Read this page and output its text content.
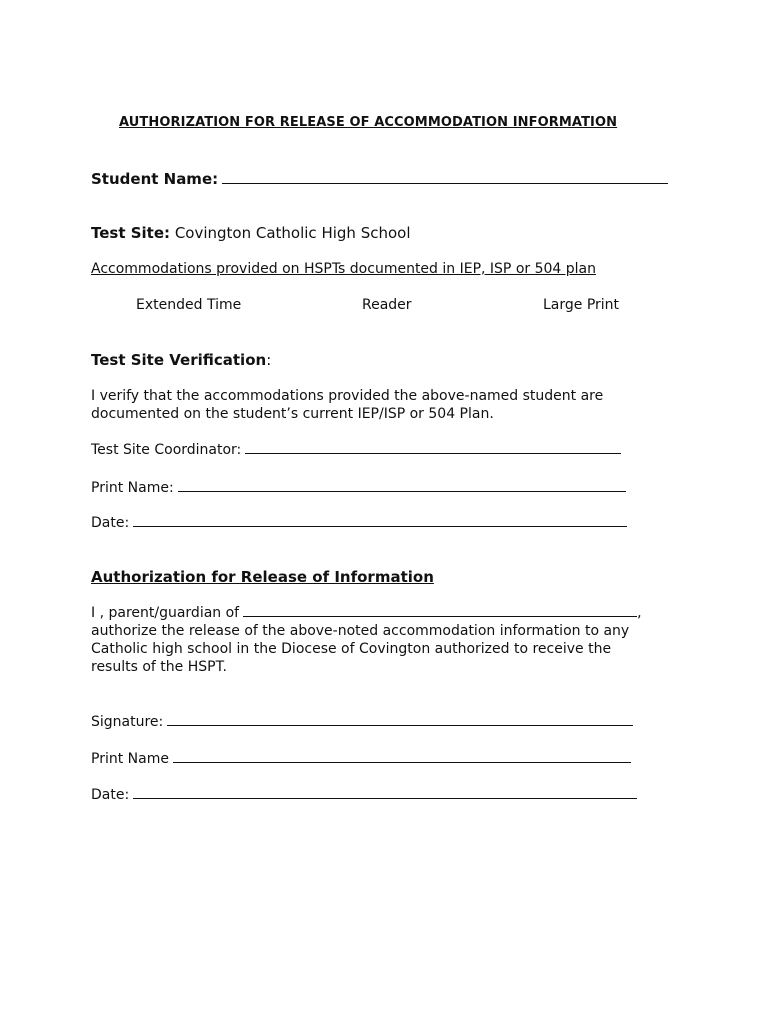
AUTHORIZATION FOR RELEASE OF ACCOMMODATION INFORMATION
Student Name:
Test Site: Covington Catholic High School
Accommodations provided on HSPTs documented in IEP, ISP or 504 plan
Extended Time	Reader	Large Print
Test Site Verification:
I verify that the accommodations provided the above-named student are documented on the student’s current IEP/ISP or 504 Plan.
Test Site Coordinator:
Print Name:
Date:
Authorization for Release of Information
I , parent/guardian of	,
authorize the release of the above-noted accommodation information to any Catholic high school in the Diocese of Covington authorized to receive the results of the HSPT.
Signature:
Print Name
Date:
